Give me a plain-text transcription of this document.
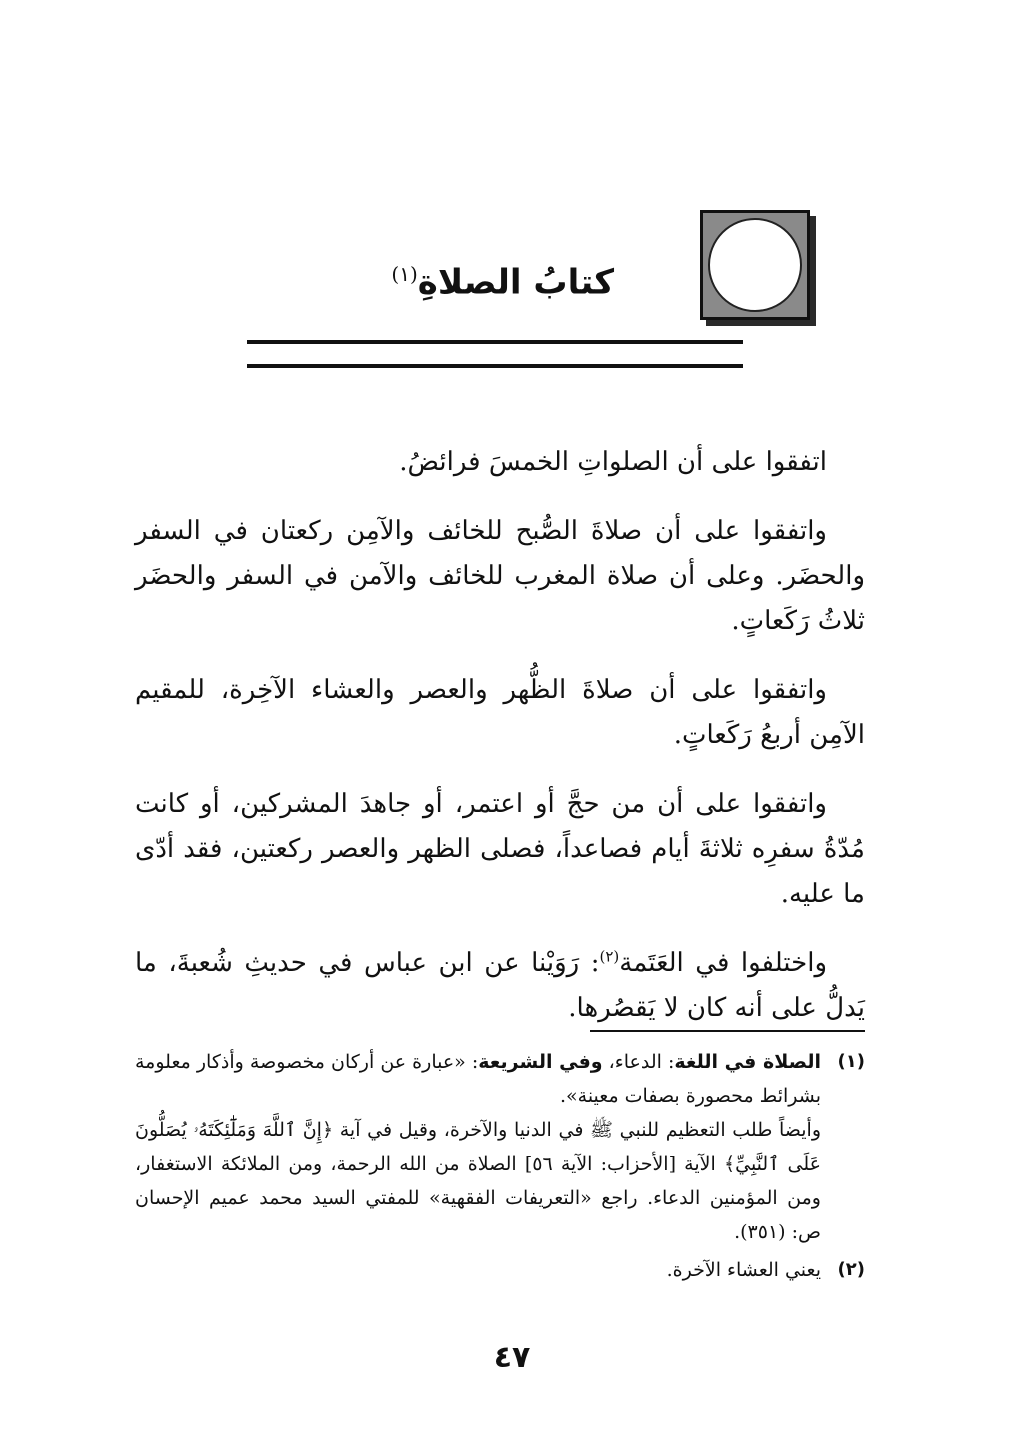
كتابُ الصلاةِ$^{(١)}$

اتفقوا على أن الصلواتِ الخمسَ فرائضُ.

واتفقوا على أن صلاةَ الصُّبح للخائف والآمِن ركعتان في السفر والحضَر. وعلى أن صلاة المغرب للخائف والآمن في السفر والحضَر ثلاثُ رَكَعاتٍ.

واتفقوا على أن صلاةَ الظُّهر والعصر والعشاء الآخِرة، للمقيم الآمِن أربعُ رَكَعاتٍ.

واتفقوا على أن من حجَّ أو اعتمر، أو جاهدَ المشركين، أو كانت مُدّةُ سفرِه ثلاثةَ أيام فصاعداً، فصلى الظهر والعصر ركعتين، فقد أدّى ما عليه.

واختلفوا في العَتَمة$^{(٢)}$: رَوَيْنا عن ابن عباس في حديثِ شُعبةَ، ما يَدلُّ على أنه كان لا يَقصُرها.

(١)

الصلاة في اللغة: الدعاء، وفي الشريعة: «عبارة عن أركان مخصوصة وأذكار معلومة بشرائط محصورة بصفات معينة».

وأيضاً طلب التعظيم للنبي ﷺ في الدنيا والآخرة، وقيل في آية ﴿إِنَّ ٱللَّهَ وَمَلَٰٓئِكَتَهُۥ يُصَلُّونَ عَلَى ٱلنَّبِيِّ﴾ الآية [الأحزاب: الآية ٥٦] الصلاة من الله الرحمة، ومن الملائكة الاستغفار، ومن المؤمنين الدعاء. راجع «التعريفات الفقهية» للمفتي السيد محمد عميم الإحسان ص: (٣٥١).

(٢)

يعني العشاء الآخرة.

٤٧
